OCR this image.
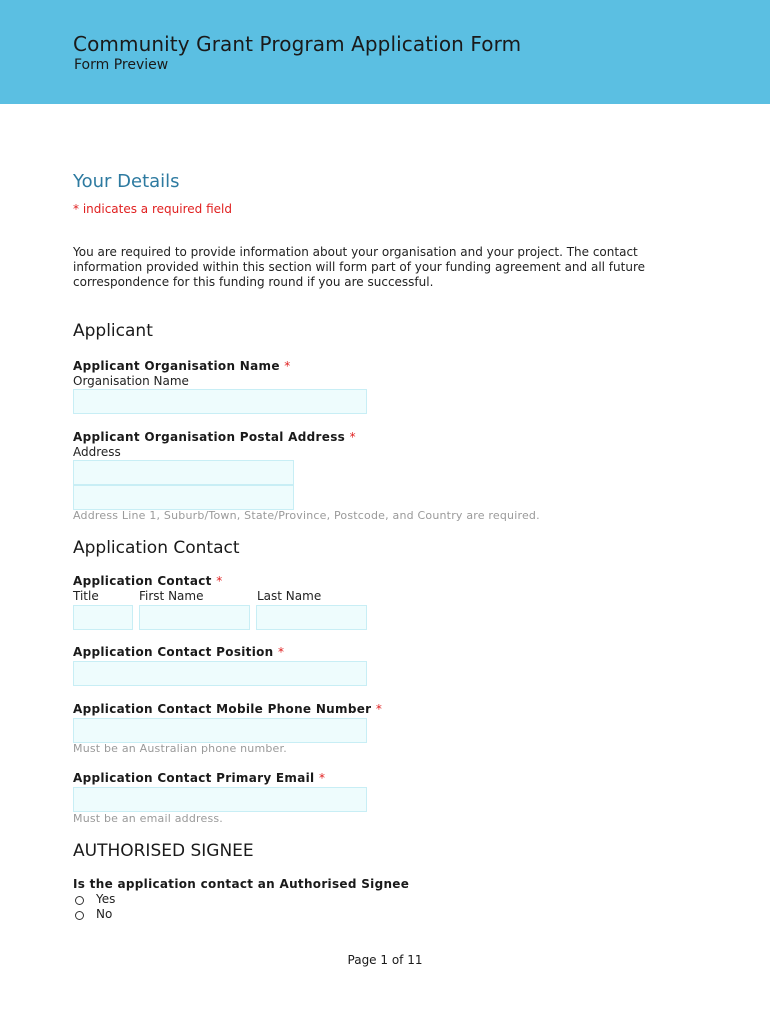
Community Grant Program Application Form
Form Preview
Your Details
* indicates a required field
You are required to provide information about your organisation and your project. The contact information provided within this section will form part of your funding agreement and all future correspondence for this funding round if you are successful.
Applicant
Applicant Organisation Name *
Organisation Name
Applicant Organisation Postal Address *
Address
Address Line 1, Suburb/Town, State/Province, Postcode, and Country are required.
Application Contact
Application Contact *
Title	First Name	Last Name
Application Contact Position *
Application Contact Mobile Phone Number *
Must be an Australian phone number.
Application Contact Primary Email *
Must be an email address.
AUTHORISED SIGNEE
Is the application contact an Authorised Signee
Yes
No
Page 1 of 11
